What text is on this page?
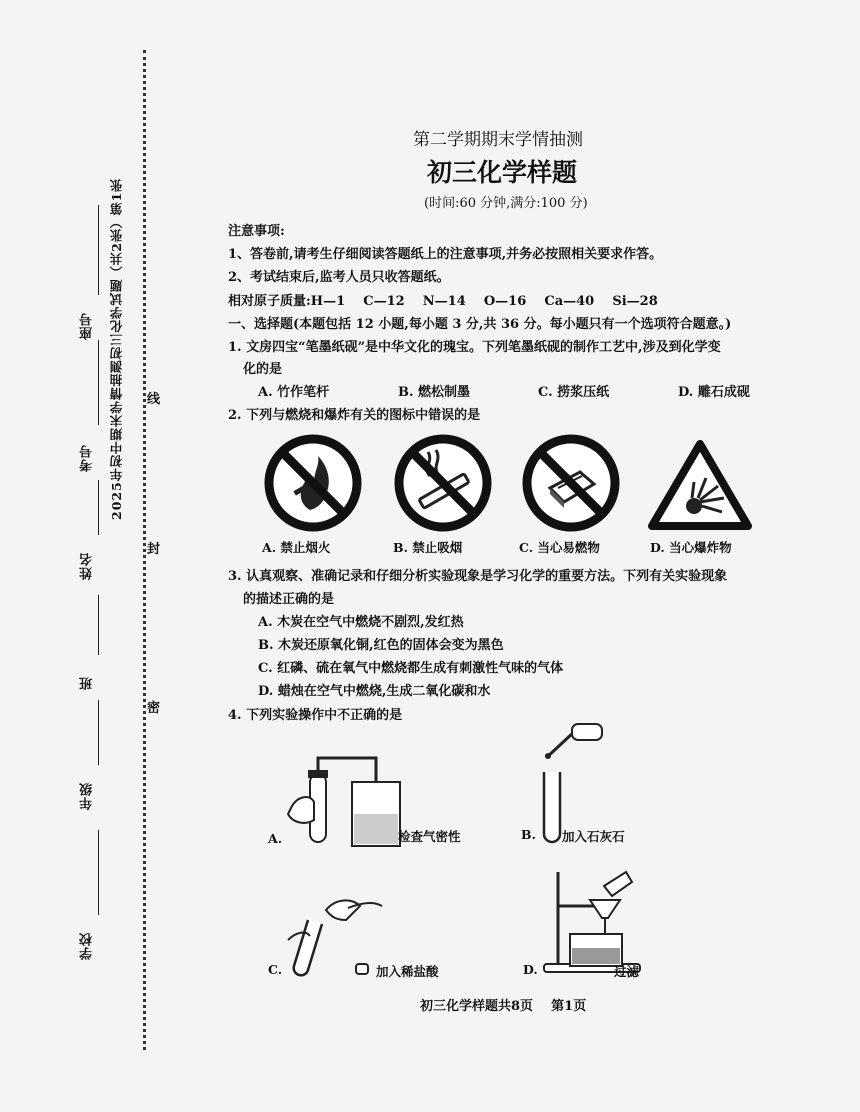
2025年初中期末学情抽测初三化学试题（共2张）第1张
座号
考号
姓名
班
年级
学校
线
封
密
第二学期期末学情抽测
初三化学样题
(时间:60 分钟,满分:100 分)
注意事项:
1、答卷前,请考生仔细阅读答题纸上的注意事项,并务必按照相关要求作答。
2、考试结束后,监考人员只收答题纸。
相对原子质量:H—1    C—12    N—14    O—16    Ca—40    Si—28
一、选择题(本题包括 12 小题,每小题 3 分,共 36 分。每小题只有一个选项符合题意。)
1. 文房四宝“笔墨纸砚”是中华文化的瑰宝。下列笔墨纸砚的制作工艺中,涉及到化学变
化的是
A. 竹作笔杆	B. 燃松制墨	C. 捞浆压纸	D. 雕石成砚
2. 下列与燃烧和爆炸有关的图标中错误的是
A. 禁止烟火	B. 禁止吸烟	C. 当心易燃物	D. 当心爆炸物
3. 认真观察、准确记录和仔细分析实验现象是学习化学的重要方法。下列有关实验现象
的描述正确的是
A. 木炭在空气中燃烧不剧烈,发红热
B. 木炭还原氧化铜,红色的固体会变为黑色
C. 红磷、硫在氧气中燃烧都生成有刺激性气味的气体
D. 蜡烛在空气中燃烧,生成二氧化碳和水
4. 下列实验操作中不正确的是
A.	检查气密性	B. 加入石灰石
C.	加入稀盐酸	D.	过滤
初三化学样题共8页    第1页
